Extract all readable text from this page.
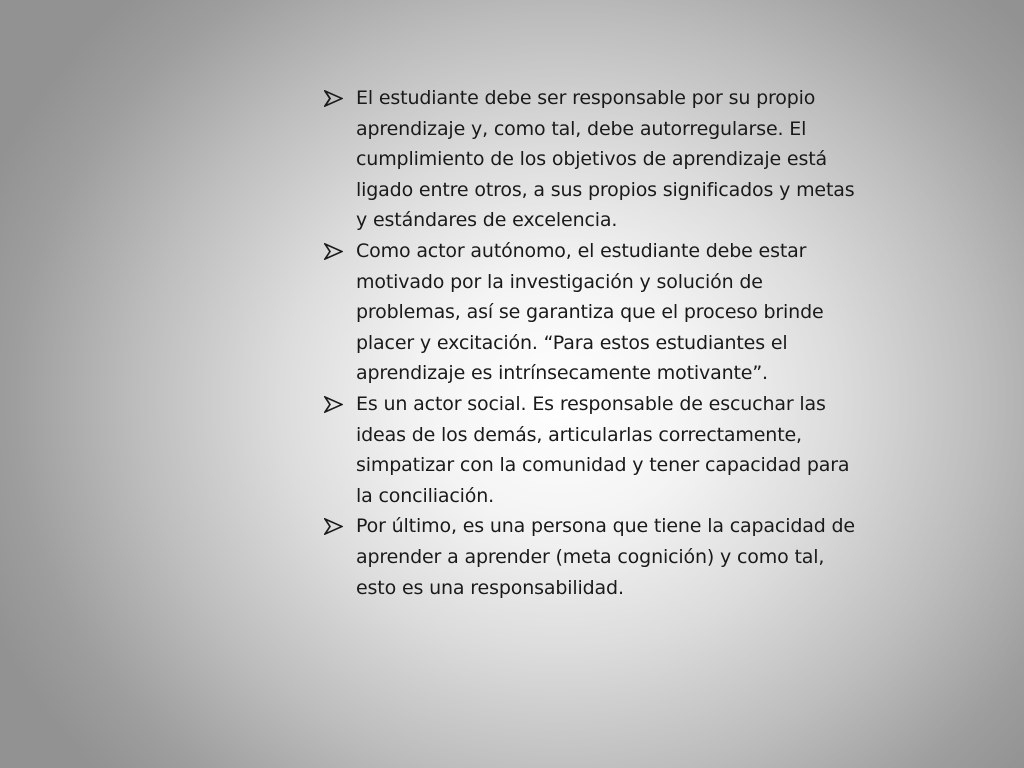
El estudiante debe ser responsable por su propio aprendizaje y, como tal, debe autorregularse. El cumplimiento de los objetivos de aprendizaje está ligado entre otros, a sus propios significados y metas y estándares de excelencia.
Como actor autónomo, el estudiante debe estar motivado por la investigación y solución de problemas, así se garantiza que el proceso brinde placer y excitación. “Para estos estudiantes el aprendizaje es intrínsecamente motivante”.
Es un actor social. Es responsable de escuchar las ideas de los demás, articularlas correctamente, simpatizar con la comunidad y tener capacidad para la conciliación.
Por último, es una persona que tiene la capacidad de aprender a aprender (meta cognición) y como tal, esto es una responsabilidad.
